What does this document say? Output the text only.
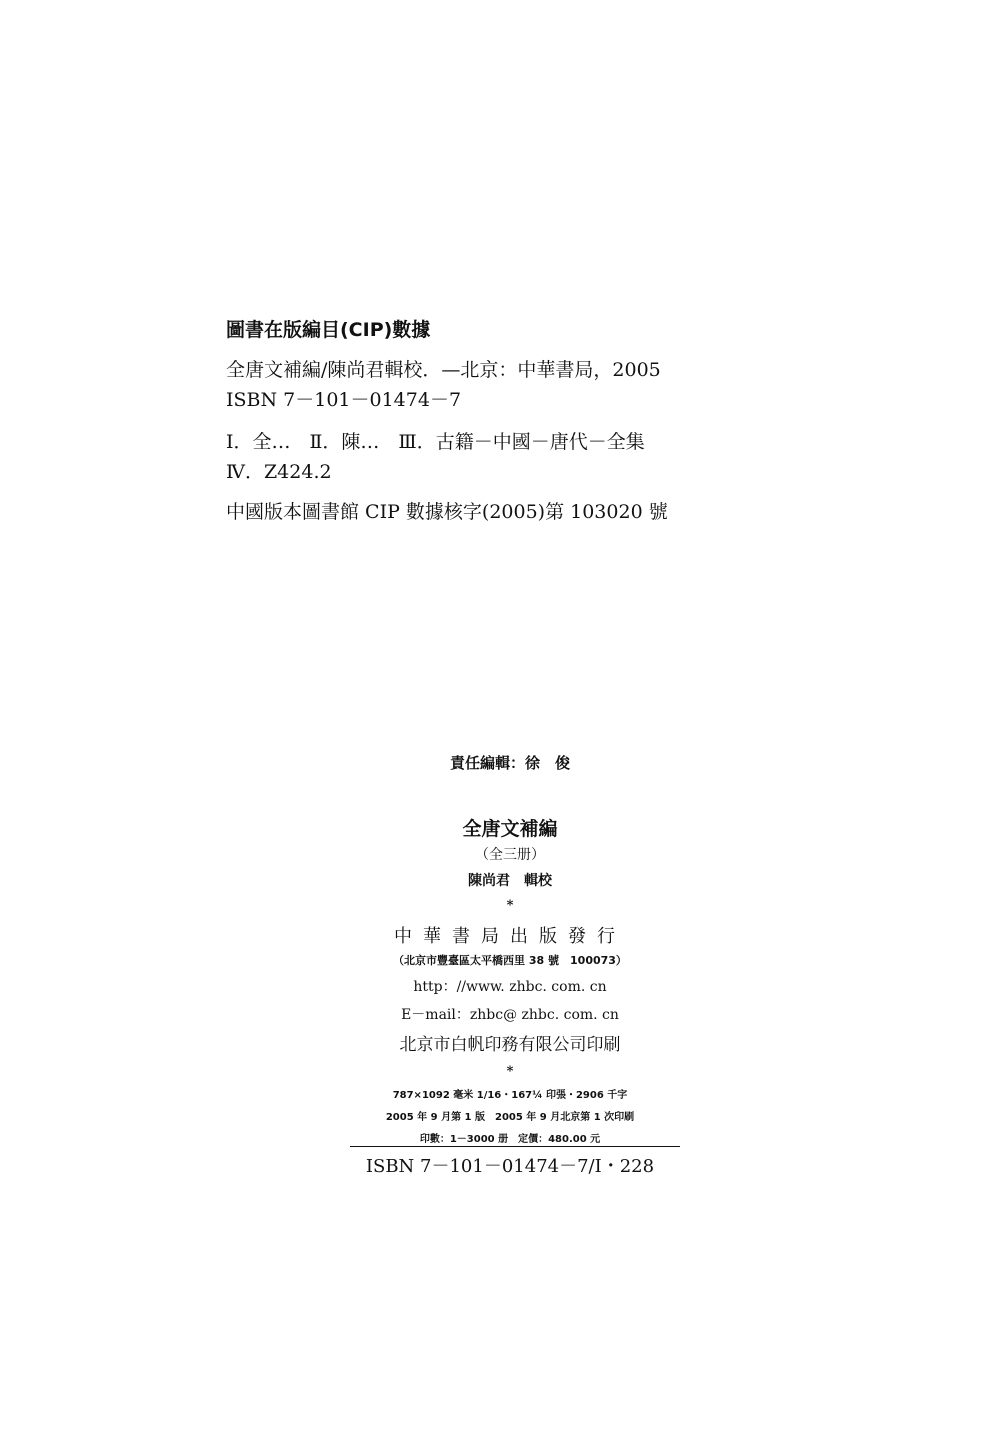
圖書在版編目(CIP)數據
全唐文補編/陳尚君輯校．—北京：中華書局，2005
ISBN 7－101－01474－7
Ⅰ．全…　Ⅱ．陳…　Ⅲ．古籍－中國－唐代－全集
Ⅳ．Z424.2
中國版本圖書館 CIP 數據核字(2005)第 103020 號
責任編輯：徐　俊
全唐文補編
（全三册）
陳尚君　輯校
*
中華書局出版發行
（北京市豐臺區太平橋西里 38 號　100073）
http：//www. zhbc. com. cn
E－mail：zhbc@ zhbc. com. cn
北京市白帆印務有限公司印刷
*
787×1092 毫米 1/16・167¼ 印張・2906 千字
2005 年 9 月第 1 版　2005 年 9 月北京第 1 次印刷
印數：1－3000 册　定價：480.00 元
ISBN 7－101－01474－7/I・228
